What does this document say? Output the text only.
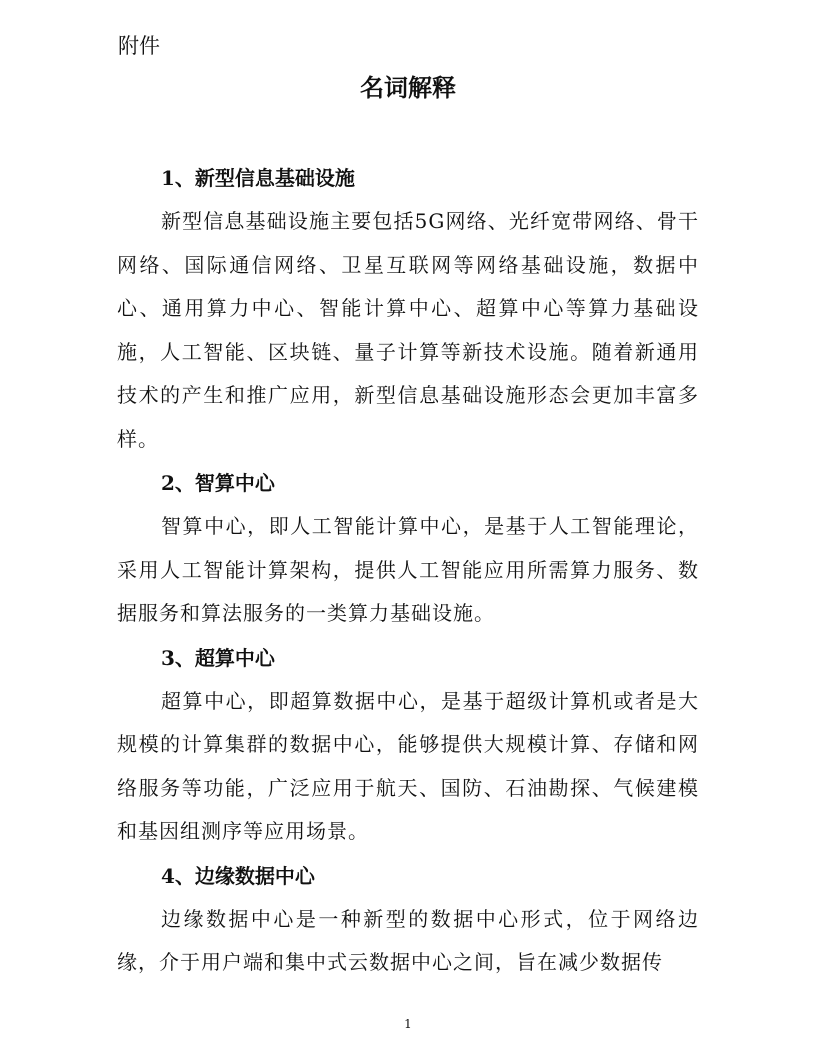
附件

名词解释
1、新型信息基础设施

新型信息基础设施主要包括5G网络、光纤宽带网络、骨干网络、国际通信网络、卫星互联网等网络基础设施，数据中心、通用算力中心、智能计算中心、超算中心等算力基础设施，人工智能、区块链、量子计算等新技术设施。随着新通用技术的产生和推广应用，新型信息基础设施形态会更加丰富多样。

2、智算中心

智算中心，即人工智能计算中心，是基于人工智能理论，采用人工智能计算架构，提供人工智能应用所需算力服务、数据服务和算法服务的一类算力基础设施。

3、超算中心

超算中心，即超算数据中心，是基于超级计算机或者是大规模的计算集群的数据中心，能够提供大规模计算、存储和网络服务等功能，广泛应用于航天、国防、石油勘探、气候建模和基因组测序等应用场景。

4、边缘数据中心

边缘数据中心是一种新型的数据中心形式，位于网络边缘，介于用户端和集中式云数据中心之间，旨在减少数据传

1
